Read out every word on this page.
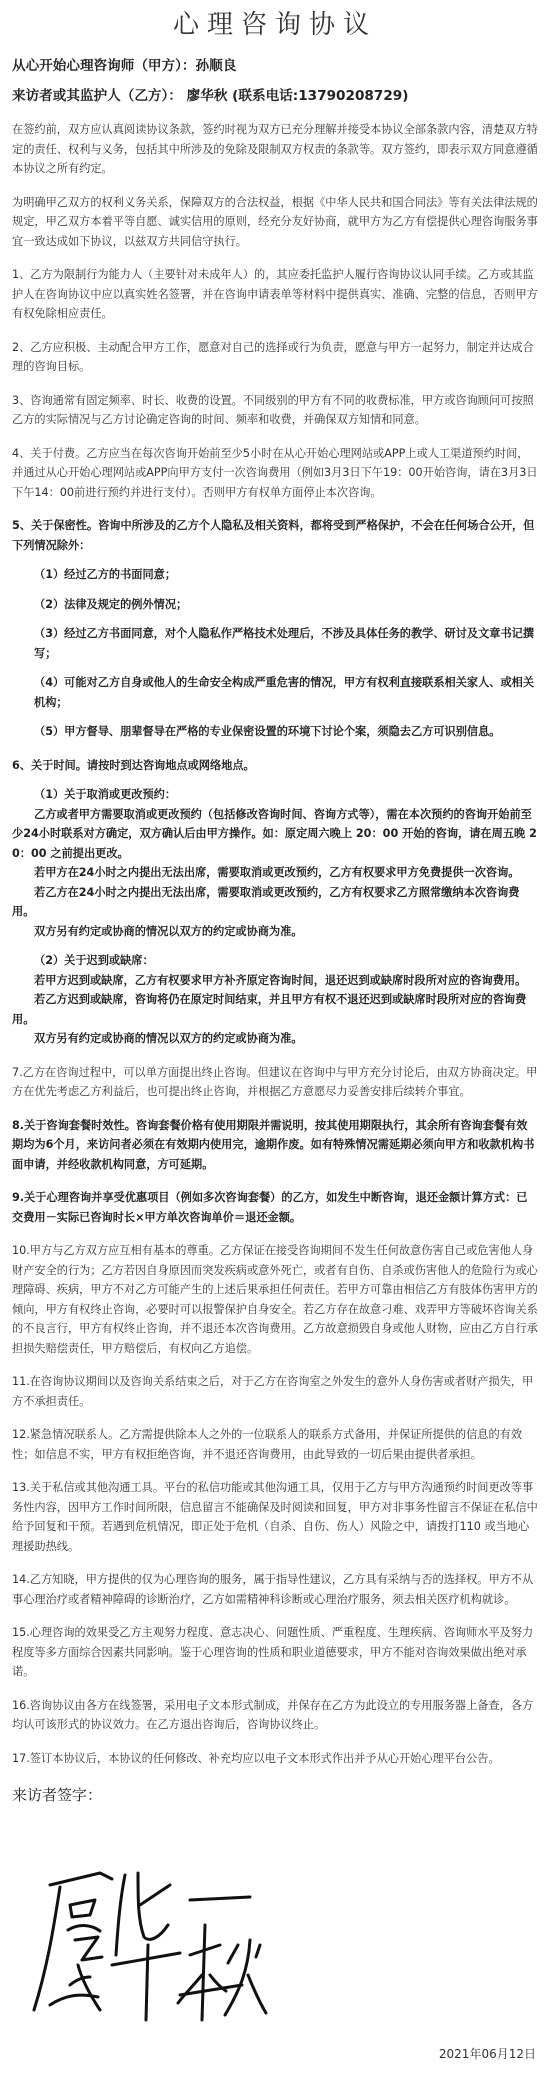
心理咨询协议

从心开始心理咨询师（甲方）：孙顺良

来访者或其监护人（乙方）： 廖华秋 (联系电话:13790208729)

在签约前，双方应认真阅读协议条款，签约时视为双方已充分理解并接受本协议全部条款内容，清楚双方特定的责任、权利与义务，包括其中所涉及的免除及限制双方权责的条款等。双方签约，即表示双方同意遵循本协议之所有约定。

为明确甲乙双方的权利义务关系，保障双方的合法权益，根据《中华人民共和国合同法》等有关法律法规的规定，甲乙双方本着平等自愿、诚实信用的原则，经充分友好协商，就甲方为乙方有偿提供心理咨询服务事宜一致达成如下协议，以兹双方共同信守执行。

1、乙方为限制行为能力人（主要针对未成年人）的，其应委托监护人履行咨询协议认同手续。乙方或其监护人在咨询协议中应以真实姓名签署，并在咨询申请表单等材料中提供真实、准确、完整的信息，否则甲方有权免除相应责任。

2、乙方应积极、主动配合甲方工作，愿意对自己的选择或行为负责，愿意与甲方一起努力，制定并达成合理的咨询目标。

3、咨询通常有固定频率、时长、收费的设置。不同级别的甲方有不同的收费标准，甲方或咨询顾问可按照乙方的实际情况与乙方讨论确定咨询的时间、频率和收费，并确保双方知情和同意。

4、关于付费。乙方应当在每次咨询开始前至少5小时在从心开始心理网站或APP上或人工渠道预约时间，并通过从心开始心理网站或APP向甲方支付一次咨询费用（例如3月3日下午19：00开始咨询，请在3月3日下午14：00前进行预约并进行支付）。否则甲方有权单方面停止本次咨询。

5、关于保密性。咨询中所涉及的乙方个人隐私及相关资料，都将受到严格保护，不会在任何场合公开，但下列情况除外：

（1）经过乙方的书面同意；

（2）法律及规定的例外情况；

（3）经过乙方书面同意，对个人隐私作严格技术处理后，不涉及具体任务的教学、研讨及文章书记撰写；

（4）可能对乙方自身或他人的生命安全构成严重危害的情况，甲方有权利直接联系相关家人、或相关机构；

（5）甲方督导、朋辈督导在严格的专业保密设置的环境下讨论个案，须隐去乙方可识别信息。

6、关于时间。请按时到达咨询地点或网络地点。

（1）关于取消或更改预约：

乙方或者甲方需要取消或更改预约（包括修改咨询时间、咨询方式等），需在本次预约的咨询开始前至少24小时联系对方确定，双方确认后由甲方操作。如：原定周六晚上 20：00 开始的咨询，请在周五晚 20：00 之前提出更改。

若甲方在24小时之内提出无法出席，需要取消或更改预约，乙方有权要求甲方免费提供一次咨询。

若乙方在24小时之内提出无法出席，需要取消或更改预约，乙方有权要求乙方照常缴纳本次咨询费用。

双方另有约定或协商的情况以双方的约定或协商为准。

（2）关于迟到或缺席：

若甲方迟到或缺席，乙方有权要求甲方补齐原定咨询时间，退还迟到或缺席时段所对应的咨询费用。

若乙方迟到或缺席，咨询将仍在原定时间结束，并且甲方有权不退还迟到或缺席时段所对应的咨询费用。

双方另有约定或协商的情况以双方的约定或协商为准。

7.乙方在咨询过程中，可以单方面提出终止咨询。但建议在咨询中与甲方充分讨论后，由双方协商决定。甲方在优先考虑乙方利益后，也可提出终止咨询，并根据乙方意愿尽力妥善安排后续转介事宜。

8.关于咨询套餐时效性。咨询套餐价格有使用期限并需说明，按其使用期限执行，其余所有咨询套餐有效期均为6个月，来访问者必须在有效期内使用完，逾期作废。如有特殊情况需延期必须向甲方和收款机构书面申请，并经收款机构同意，方可延期。

9.关于心理咨询并享受优惠项目（例如多次咨询套餐）的乙方，如发生中断咨询，退还金额计算方式：已交费用－实际已咨询时长×甲方单次咨询单价＝退还金额。

10.甲方与乙方双方应互相有基本的尊重。乙方保证在接受咨询期间不发生任何故意伤害自己或危害他人身财产安全的行为；乙方若因自身原因而突发疾病或意外死亡，或者有自伤、自杀或伤害他人的危险行为或心理障碍、疾病，甲方不对乙方可能产生的上述后果承担任何责任。若甲方可靠由相信乙方有肢体伤害甲方的倾向，甲方有权终止咨询，必要时可以报警保护自身安全。若乙方存在故意刁难、戏弄甲方等破坏咨询关系的不良言行，甲方有权终止咨询，并不退还本次咨询费用。乙方故意损毁自身或他人财物，应由乙方自行承担损失赔偿责任，甲方赔偿后，有权向乙方追偿。

11.在咨询协议期间以及咨询关系结束之后，对于乙方在咨询室之外发生的意外人身伤害或者财产损失，甲方不承担责任。

12.紧急情况联系人。乙方需提供除本人之外的一位联系人的联系方式备用，并保证所提供的信息的有效性；如信息不实，甲方有权拒绝咨询，并不退还咨询费用，由此导致的一切后果由提供者承担。

13.关于私信或其他沟通工具。平台的私信功能或其他沟通工具，仅用于乙方与甲方沟通预约时间更改等事务性内容，因甲方工作时间所限，信息留言不能确保及时阅读和回复，甲方对非事务性留言不保证在私信中给予回复和干预。若遇到危机情况，即正处于危机（自杀、自伤、伤人）风险之中，请拨打110 或当地心理援助热线。

14.乙方知晓，甲方提供的仅为心理咨询的服务，属于指导性建议，乙方具有采纳与否的选择权。甲方不从事心理治疗或者精神障碍的诊断治疗，乙方如需精神科诊断或心理治疗服务，须去相关医疗机构就诊。

15.心理咨询的效果受乙方主观努力程度、意志决心、问题性质、严重程度、生理疾病、咨询师水平及努力程度等多方面综合因素共同影响。鉴于心理咨询的性质和职业道德要求，甲方不能对咨询效果做出绝对承诺。

16.咨询协议由各方在线签署，采用电子文本形式制成，并保存在乙方为此设立的专用服务器上备查，各方均认可该形式的协议效力。在乙方退出咨询后，咨询协议终止。

17.签订本协议后，本协议的任何修改、补充均应以电子文本形式作出并予从心开始心理平台公告。

来访者签字：

2021年06月12日
